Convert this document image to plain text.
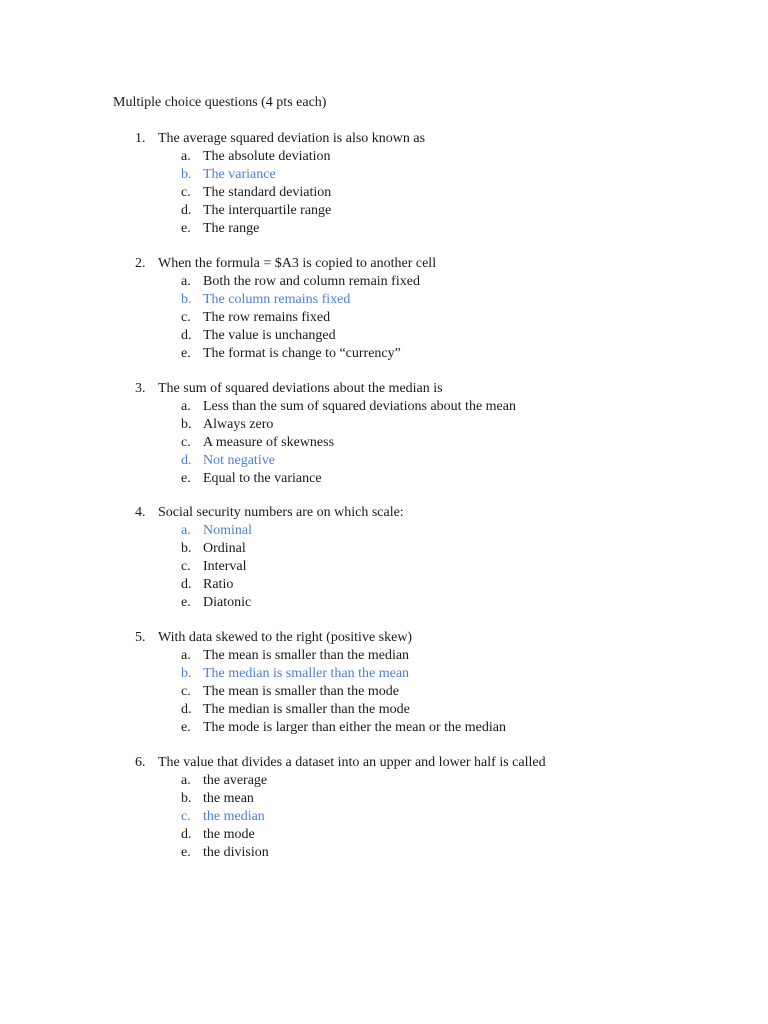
Multiple choice questions (4 pts each)
1. The average squared deviation is also known as
a. The absolute deviation
b. The variance
c. The standard deviation
d. The interquartile range
e. The range
2. When the formula = $A3 is copied to another cell
a. Both the row and column remain fixed
b. The column remains fixed
c. The row remains fixed
d. The value is unchanged
e. The format is change to “currency”
3. The sum of squared deviations about the median is
a. Less than the sum of squared deviations about the mean
b. Always zero
c. A measure of skewness
d. Not negative
e. Equal to the variance
4. Social security numbers are on which scale:
a. Nominal
b. Ordinal
c. Interval
d. Ratio
e. Diatonic
5. With data skewed to the right (positive skew)
a. The mean is smaller than the median
b. The median is smaller than the mean
c. The mean is smaller than the mode
d. The median is smaller than the mode
e. The mode is larger than either the mean or the median
6. The value that divides a dataset into an upper and lower half is called
a. the average
b. the mean
c. the median
d. the mode
e. the division
